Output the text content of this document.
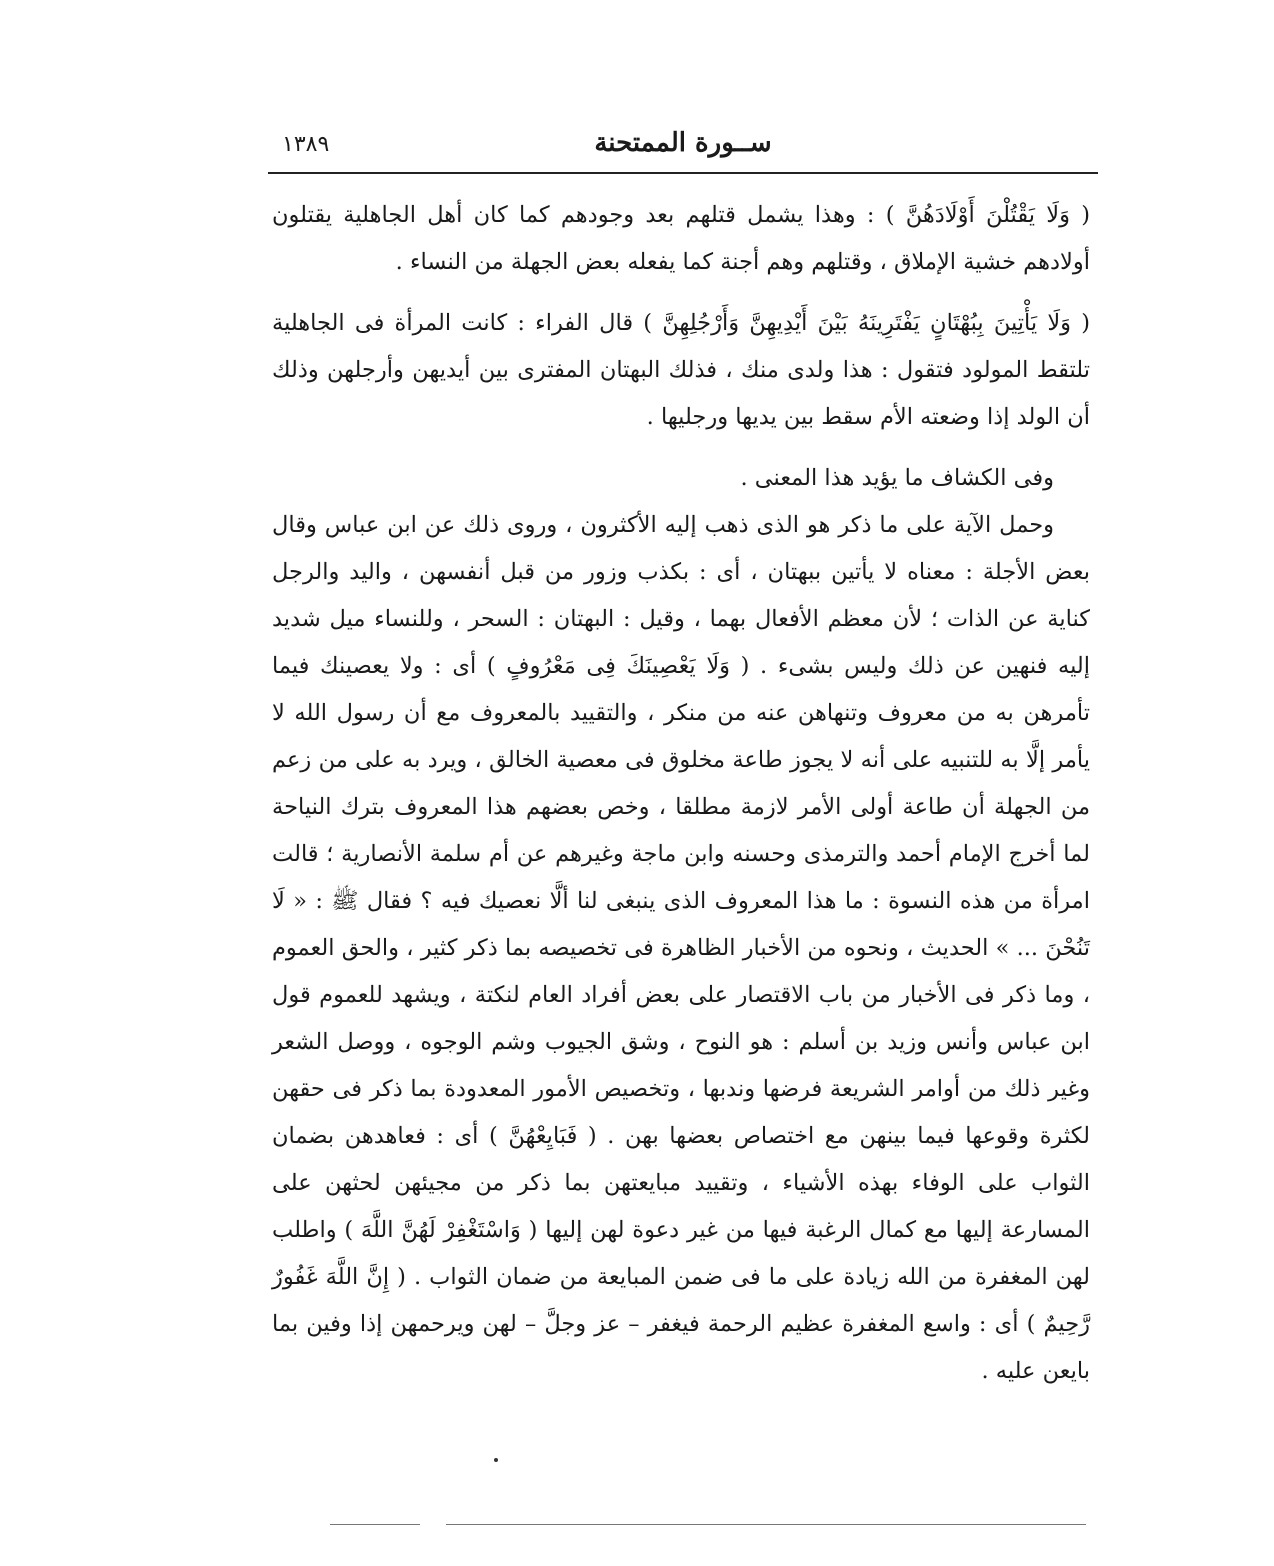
ســورة الممتحنة
١٣٨٩

( وَلَا يَقْتُلْنَ أَوْلَادَهُنَّ ) : وهذا يشمل قتلهم بعد وجودهم كما كان أهل الجاهلية يقتلون أولادهم خشية الإملاق ، وقتلهم وهم أجنة كما يفعله بعض الجهلة من النساء .

( وَلَا يَأْتِينَ بِبُهْتَانٍ يَفْتَرِينَهُ بَيْنَ أَيْدِيهِنَّ وَأَرْجُلِهِنَّ ) قال الفراء : كانت المرأة فى الجاهلية تلتقط المولود فتقول : هذا ولدى منك ، فذلك البهتان المفترى بين أيديهن وأرجلهن وذلك أن الولد إذا وضعته الأم سقط بين يديها ورجليها .

وفى الكشاف ما يؤيد هذا المعنى .

وحمل الآية على ما ذكر هو الذى ذهب إليه الأكثرون ، وروى ذلك عن ابن عباس وقال بعض الأجلة : معناه لا يأتين ببهتان ، أى : بكذب وزور من قبل أنفسهن ، واليد والرجل كناية عن الذات ؛ لأن معظم الأفعال بهما ، وقيل : البهتان : السحر ، وللنساء ميل شديد إليه فنهين عن ذلك وليس بشىء . ( وَلَا يَعْصِينَكَ فِى مَعْرُوفٍ ) أى : ولا يعصينك فيما تأمرهن به من معروف وتنهاهن عنه من منكر ، والتقييد بالمعروف مع أن رسول الله لا يأمر إلَّا به للتنبيه على أنه لا يجوز طاعة مخلوق فى معصية الخالق ، ويرد به على من زعم من الجهلة أن طاعة أولى الأمر لازمة مطلقا ، وخص بعضهم هذا المعروف بترك النياحة لما أخرج الإمام أحمد والترمذى وحسنه وابن ماجة وغيرهم عن أم سلمة الأنصارية ؛ قالت امرأة من هذه النسوة : ما هذا المعروف الذى ينبغى لنا ألَّا نعصيك فيه ؟ فقال ﷺ : « لَا تَنُحْنَ ... » الحديث ، ونحوه من الأخبار الظاهرة فى تخصيصه بما ذكر كثير ، والحق العموم ، وما ذكر فى الأخبار من باب الاقتصار على بعض أفراد العام لنكتة ، ويشهد للعموم قول ابن عباس وأنس وزيد بن أسلم : هو النوح ، وشق الجيوب وشم الوجوه ، ووصل الشعر وغير ذلك من أوامر الشريعة فرضها وندبها ، وتخصيص الأمور المعدودة بما ذكر فى حقهن لكثرة وقوعها فيما بينهن مع اختصاص بعضها بهن . ( فَبَايِعْهُنَّ ) أى : فعاهدهن بضمان الثواب على الوفاء بهذه الأشياء ، وتقييد مبايعتهن بما ذكر من مجيئهن لحثهن على المسارعة إليها مع كمال الرغبة فيها من غير دعوة لهن إليها ( وَاسْتَغْفِرْ لَهُنَّ اللَّهَ ) واطلب لهن المغفرة من الله زيادة على ما فى ضمن المبايعة من ضمان الثواب . ( إِنَّ اللَّهَ غَفُورٌ رَّحِيمٌ ) أى : واسع المغفرة عظيم الرحمة فيغفر – عز وجلَّ – لهن ويرحمهن إذا وفين بما بايعن عليه .
